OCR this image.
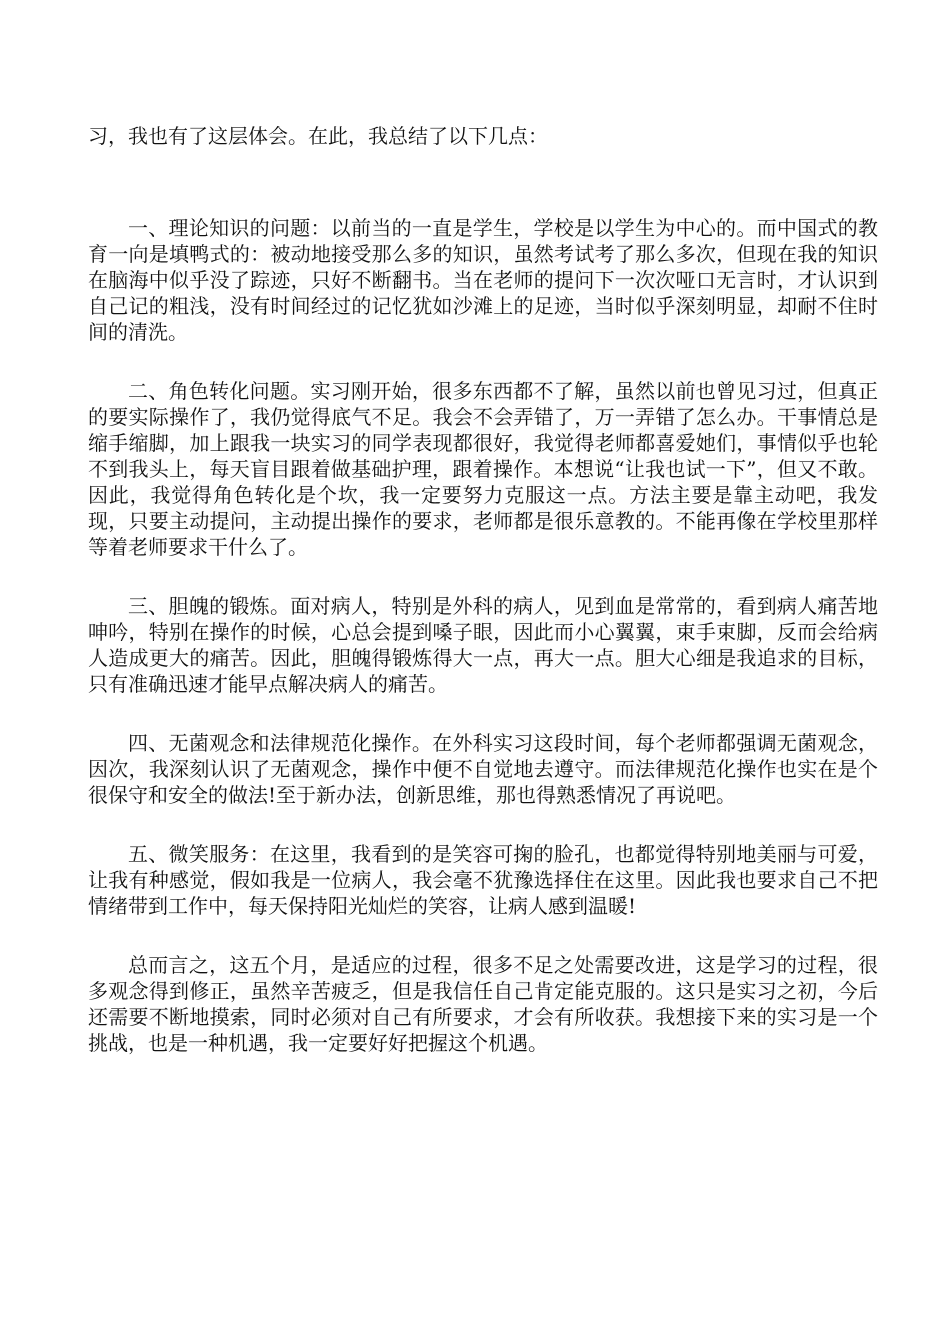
习，我也有了这层体会。在此，我总结了以下几点：

一、理论知识的问题：以前当的一直是学生，学校是以学生为中心的。而中国式的教育一向是填鸭式的：被动地接受那么多的知识，虽然考试考了那么多次，但现在我的知识在脑海中似乎没了踪迹，只好不断翻书。当在老师的提问下一次次哑口无言时，才认识到自己记的粗浅，没有时间经过的记忆犹如沙滩上的足迹，当时似乎深刻明显，却耐不住时间的清洗。

二、角色转化问题。实习刚开始，很多东西都不了解，虽然以前也曾见习过，但真正的要实际操作了，我仍觉得底气不足。我会不会弄错了，万一弄错了怎么办。干事情总是缩手缩脚，加上跟我一块实习的同学表现都很好，我觉得老师都喜爱她们，事情似乎也轮不到我头上，每天盲目跟着做基础护理，跟着操作。本想说“让我也试一下”，但又不敢。因此，我觉得角色转化是个坎，我一定要努力克服这一点。方法主要是靠主动吧，我发现，只要主动提问，主动提出操作的要求，老师都是很乐意教的。不能再像在学校里那样等着老师要求干什么了。

三、胆魄的锻炼。面对病人，特别是外科的病人，见到血是常常的，看到病人痛苦地呻吟，特别在操作的时候，心总会提到嗓子眼，因此而小心翼翼，束手束脚，反而会给病人造成更大的痛苦。因此，胆魄得锻炼得大一点，再大一点。胆大心细是我追求的目标，只有准确迅速才能早点解决病人的痛苦。

四、无菌观念和法律规范化操作。在外科实习这段时间，每个老师都强调无菌观念，因次，我深刻认识了无菌观念，操作中便不自觉地去遵守。而法律规范化操作也实在是个很保守和安全的做法!至于新办法，创新思维，那也得熟悉情况了再说吧。

五、微笑服务：在这里，我看到的是笑容可掬的脸孔，也都觉得特别地美丽与可爱，让我有种感觉，假如我是一位病人，我会毫不犹豫选择住在这里。因此我也要求自己不把情绪带到工作中，每天保持阳光灿烂的笑容，让病人感到温暖!

总而言之，这五个月，是适应的过程，很多不足之处需要改进，这是学习的过程，很多观念得到修正，虽然辛苦疲乏，但是我信任自己肯定能克服的。这只是实习之初，今后还需要不断地摸索，同时必须对自己有所要求，才会有所收获。我想接下来的实习是一个挑战，也是一种机遇，我一定要好好把握这个机遇。
